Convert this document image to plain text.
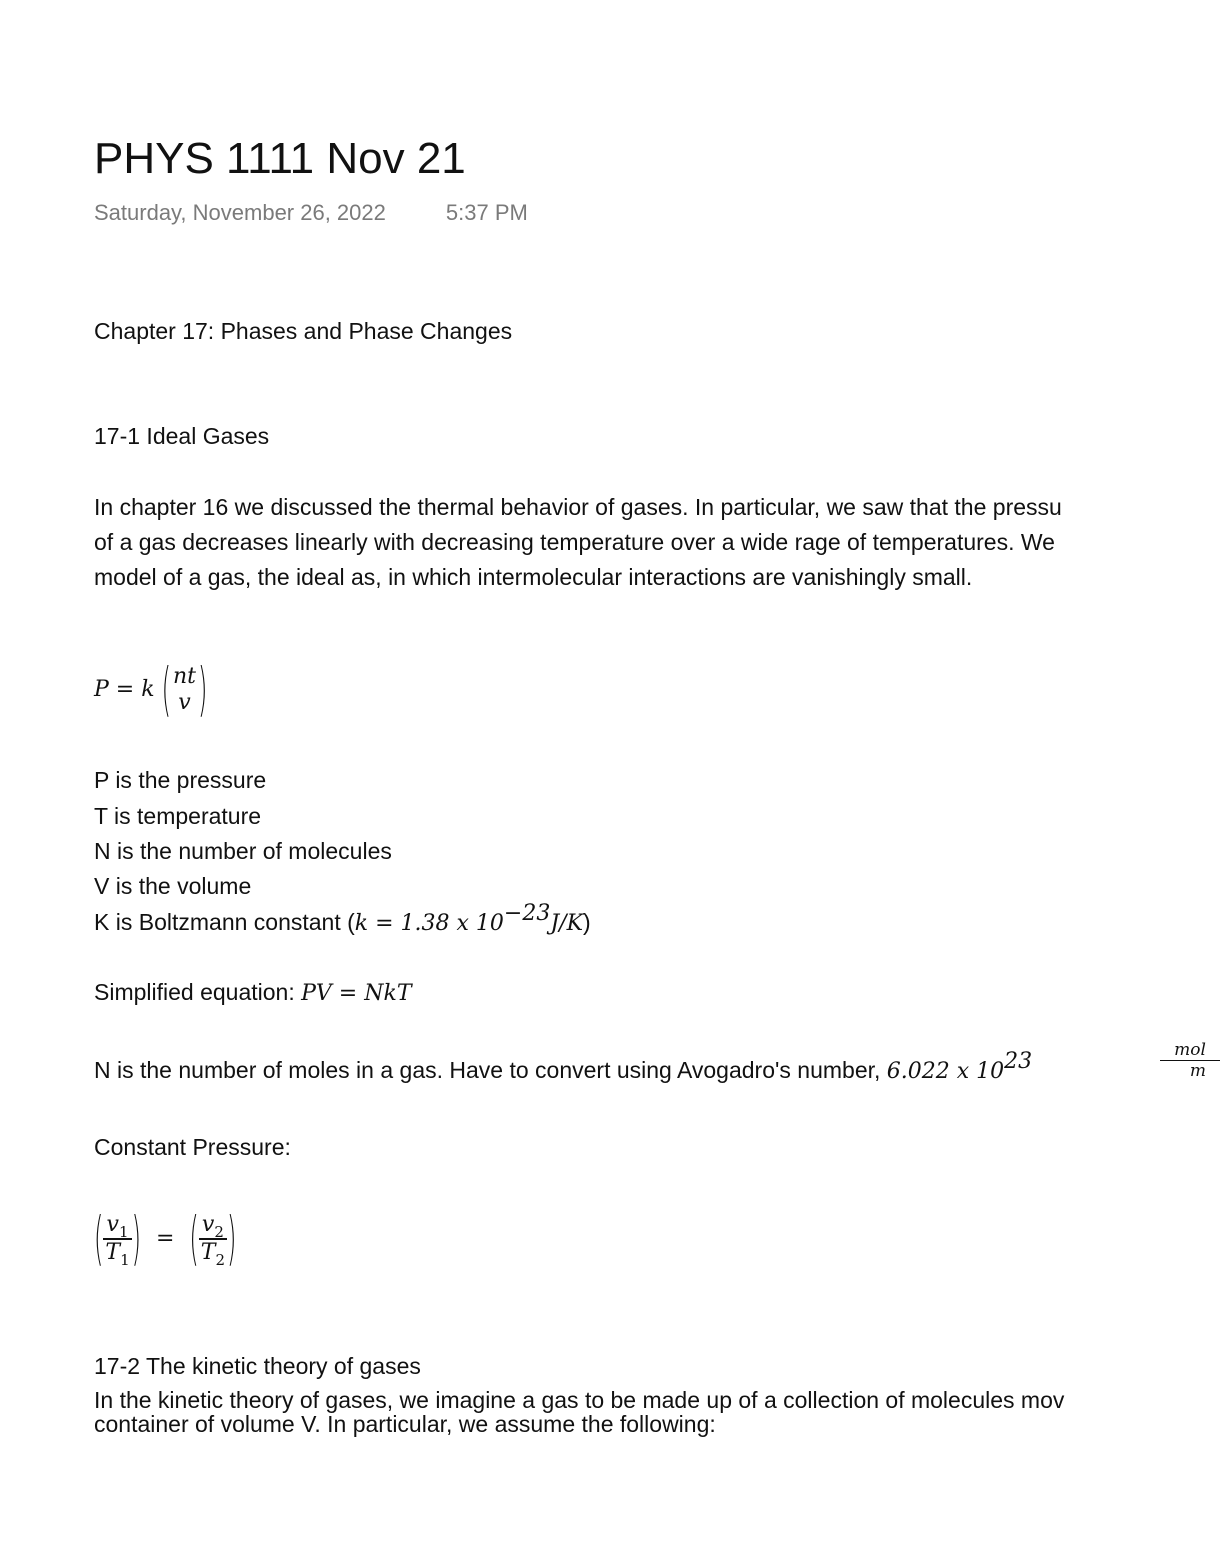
PHYS 1111 Nov 21
Saturday, November 26, 2022	5:37 PM
Chapter 17: Phases and Phase Changes
17-1 Ideal Gases
In chapter 16 we discussed the thermal behavior of gases. In particular, we saw that the pressu
of a gas decreases linearly with decreasing temperature over a wide rage of temperatures. We
model of a gas, the ideal as, in which intermolecular interactions are vanishingly small.
P = k ( nt
v )
P is the pressure
T is temperature
N is the number of molecules
V is the volume
K is Boltzmann constant (k = 1.38 x $10^{-23}J/K$)
Simplified equation: PV = NkT
N is the number of moles in a gas. Have to convert using Avogadro's number, 6.022 x $10^{23}$	mol
m
Constant Pressure:
( $\frac{v_1}{T_1}$ ) = ( $\frac{v_2}{T_2}$ )
17-2 The kinetic theory of gases
In the kinetic theory of gases, we imagine a gas to be made up of a collection of molecules mov
container of volume V. In particular, we assume the following:
